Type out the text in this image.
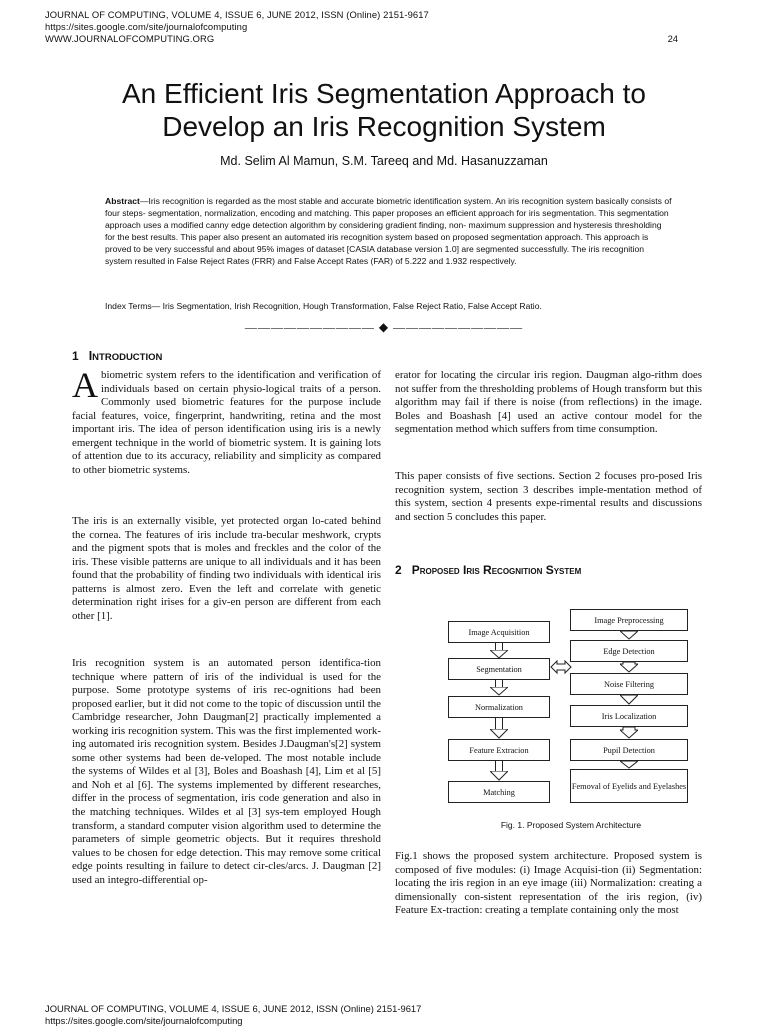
JOURNAL OF COMPUTING, VOLUME 4, ISSUE 6, JUNE 2012, ISSN (Online) 2151-9617
https://sites.google.com/site/journalofcomputing
WWW.JOURNALOFCOMPUTING.ORG	24
An Efficient Iris Segmentation Approach to
Develop an Iris Recognition System
Md. Selim Al Mamun, S.M. Tareeq and Md. Hasanuzzaman

Abstract—Iris recognition is regarded as the most stable and accurate biometric identification system. An iris recognition system basically consists of four steps- segmentation, normalization, encoding and matching. This paper proposes an efficient approach for iris segmentation. This segmentation approach uses a modified canny edge detection algorithm by considering gradient finding, non- maximum suppression and hysteresis thresholding for the best results. This paper also present an automated iris recognition system based on proposed segmentation approach. This approach is proved to be very successful and about 95% images of dataset [CASIA database version 1.0] are segmented successfully. The iris recognition system resulted in False Reject Rates (FRR) and False Accept Rates (FAR) of 5.222 and 1.932 respectively.

Index Terms— Iris Segmentation, Irish Recognition, Hough Transformation, False Reject Ratio, False Accept Ratio.

—————————— ◆ ——————————
1 INTRODUCTION

Abiometric system refers to the identification and verification of individuals based on certain physio-logical traits of a person. Commonly used biometric features for the purpose include facial features, voice, fingerprint, handwriting, retina and the most important iris. The idea of person identification using iris is a newly emergent technique in the world of biometric system. It is gaining lots of attention due to its accuracy, reliability and simplicity as compared to other biometric systems.

The iris is an externally visible, yet protected organ lo-cated behind the cornea. The features of iris include tra-becular meshwork, crypts and the pigment spots that is moles and freckles and the color of the iris. These visible patterns are unique to all individuals and it has been found that the probability of finding two individuals with identical iris patterns is almost zero. Even the left and correlate with genetic determination right irises for a giv-en person are different from each other [1].

Iris recognition system is an automated person identifica-tion technique where pattern of iris of the individual is used for the purpose. Some prototype systems of iris rec-ognitions had been proposed earlier, but it did not come to the topic of discussion until the Cambridge researcher, John Daugman[2] practically implemented a working iris recognition system. This was the first implemented work-ing automated iris recognition system. Besides J.Daugman's[2] system some other systems had been de-veloped. The most notable include the systems of Wildes et al [3], Boles and Boashash [4], Lim et al [5] and Noh et al [6]. The systems implemented by different researches, differ in the process of segmentation, iris code generation and also in the matching techniques. Wildes et al [3] sys-tem employed Hough transform, a standard computer vision algorithm used to determine the parameters of simple geometric objects. But it requires threshold values to be chosen for edge detection. This may remove some critical edge points resulting in failure to detect cir-cles/arcs. J. Daugman [2] used an integro-differential op-

erator for locating the circular iris region. Daugman algo-rithm does not suffer from the thresholding problems of Hough transform but this algorithm may fail if there is noise (from reflections) in the image. Boles and Boashash [4] used an active contour model for the segmentation method which suffers from time consumption.

This paper consists of five sections. Section 2 focuses pro-posed Iris recognition system, section 3 describes imple-mentation method of this system, section 4 presents expe-rimental results and discussions and section 5 concludes this paper.

2 Proposed Iris Recognition System
Image Acquisition
Segmentation
Normalization
Feature Extracion
Matching
Image Preprocessing
Edge Detection
Noise Filtering
Iris Localization
Pupil Detection
Femoval of Eyelids and Eyelashes
Fig. 1. Proposed System Architecture

Fig.1 shows the proposed system architecture. Proposed system is composed of five modules: (i) Image Acquisi-tion (ii) Segmentation: locating the iris region in an eye image (iii) Normalization: creating a dimensionally con-sistent representation of the iris region, (iv) Feature Ex-traction: creating a template containing only the most

JOURNAL OF COMPUTING, VOLUME 4, ISSUE 6, JUNE 2012, ISSN (Online) 2151-9617
https://sites.google.com/site/journalofcomputing
